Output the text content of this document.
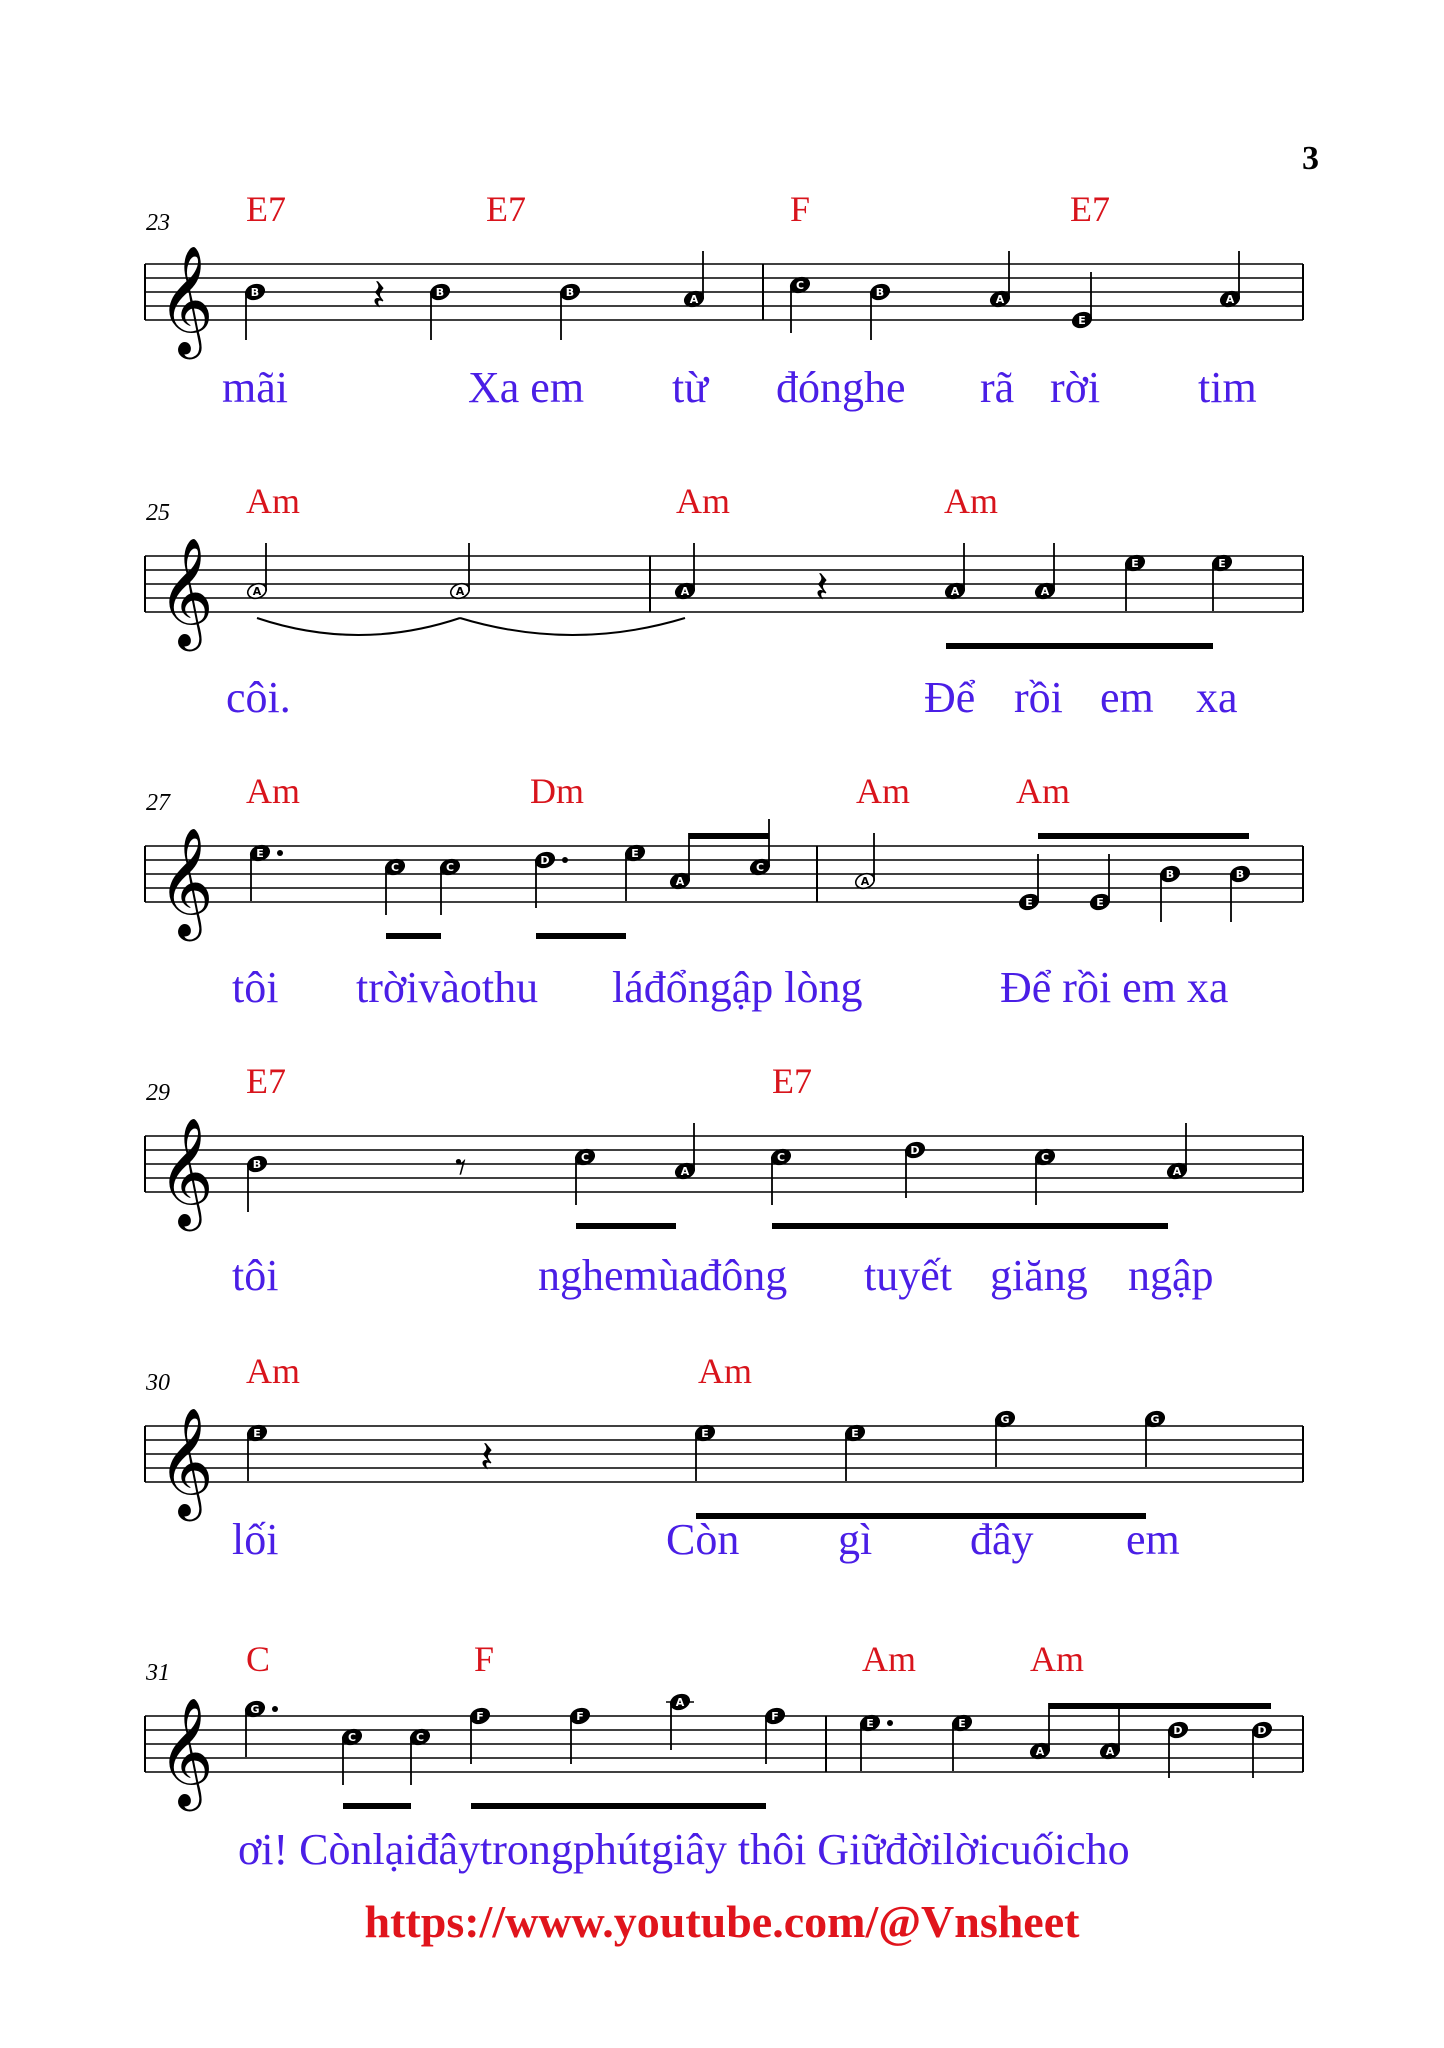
3
23
25
27
29
30
31
E7	E7	F	E7
Am	Am	Am
Am	Dm	Am	Am
E7	E7
Am	Am
C	F	Am	Am
mãi	Xa em từ đónghe rã rời tim
côi.	Để rồi em xa
tôi trờivàothu láđổngập lòng	Để rồi em xa
tôi	nghemùađông tuyết giăng ngập
lối	Còn gì đây em
ơi! Cònlạiđâytrongphútgiây thôi Giữđờilờicuốicho
https://www.youtube.com/@Vnsheet
𝄞	B	B	B
A
C
B
A
E
A
𝄽
𝄞	A	A	A	A	A
E	E
𝄽
𝄞	E
C	C
D
E
A
C
A
E	E
B	B
𝄞	B
C
A
C
D
C
A
𝄾
𝄞	E	E	E
G	G
𝄽
𝄞	G
C	C
F	F
A
F
E	E
A	A
D	D
